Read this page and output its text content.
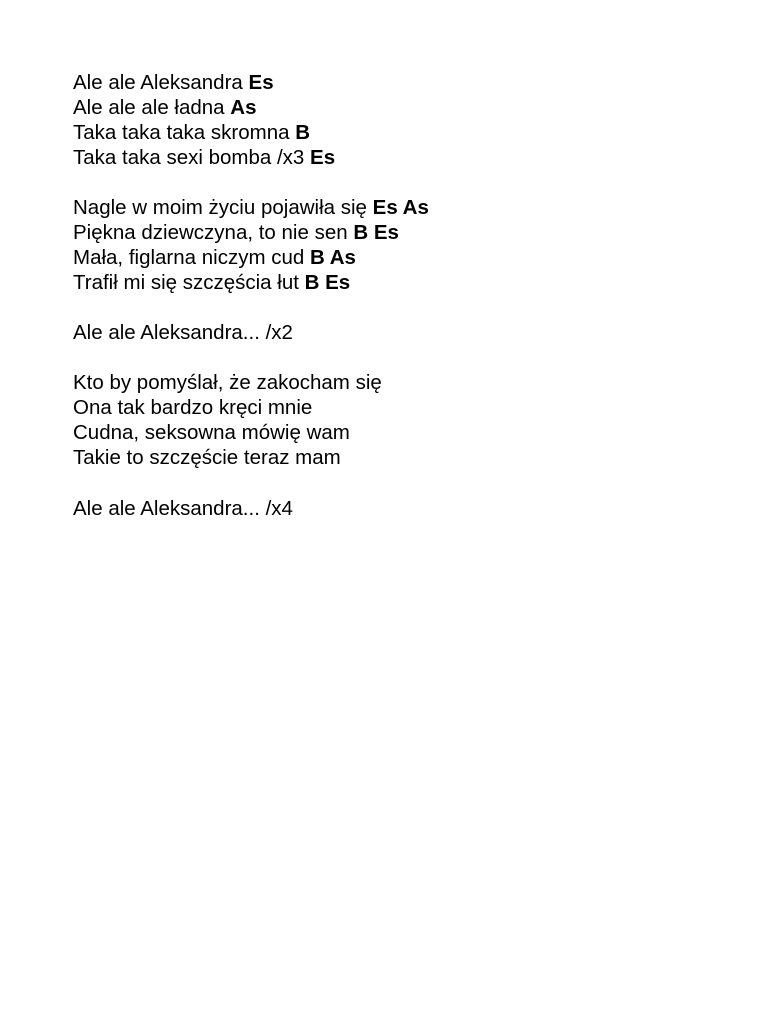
Ale ale Aleksandra Es
Ale ale ale ładna As
Taka taka taka skromna B
Taka taka sexi bomba /x3 Es
Nagle w moim życiu pojawiła się Es As
Piękna dziewczyna, to nie sen B Es
Mała, figlarna niczym cud B As
Trafił mi się szczęścia łut B Es
Ale ale Aleksandra... /x2
Kto by pomyślał, że zakocham się
Ona tak bardzo kręci mnie
Cudna, seksowna mówię wam
Takie to szczęście teraz mam
Ale ale Aleksandra... /x4
